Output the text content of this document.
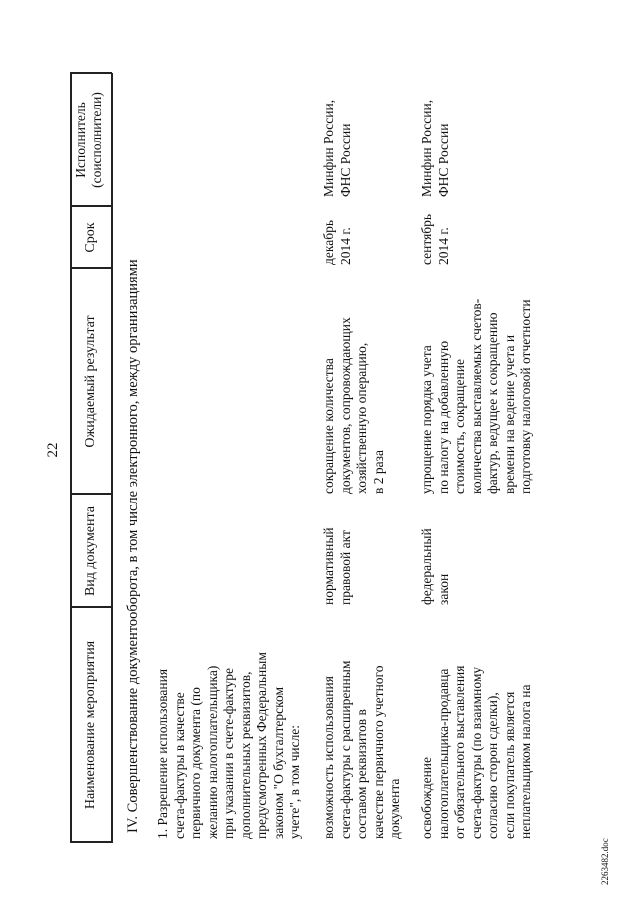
22
Наименование мероприятия
Вид документа
Ожидаемый результат
Срок
Исполнитель
(соисполнители)
IV. Совершенствование документооборота, в том числе электронного, между организациями
1. Разрешение использования
счета-фактуры в качестве
первичного документа (по
желанию налогоплательщика)
при указании в счете-фактуре
дополнительных реквизитов,
предусмотренных Федеральным
законом "О бухгалтерском
учете", в том числе:
возможность использования
счета-фактуры с расширенным
составом реквизитов в
качестве первичного учетного
документа
нормативный
правовой акт
сокращение количества
документов, сопровождающих
хозяйственную операцию,
в 2 раза
декабрь
2014 г.
Минфин России,
ФНС России
освобождение
налогоплательщика-продавца
от обязательного выставления
счета-фактуры (по взаимному
согласию сторон сделки),
если покупатель является
неплательщиком налога на
федеральный
закон
упрощение порядка учета
по налогу на добавленную
стоимость, сокращение
количества выставляемых счетов-
фактур, ведущее к сокращению
времени на ведение учета и
подготовку налоговой отчетности
сентябрь
2014 г.
Минфин России,
ФНС России
2263482.doc
